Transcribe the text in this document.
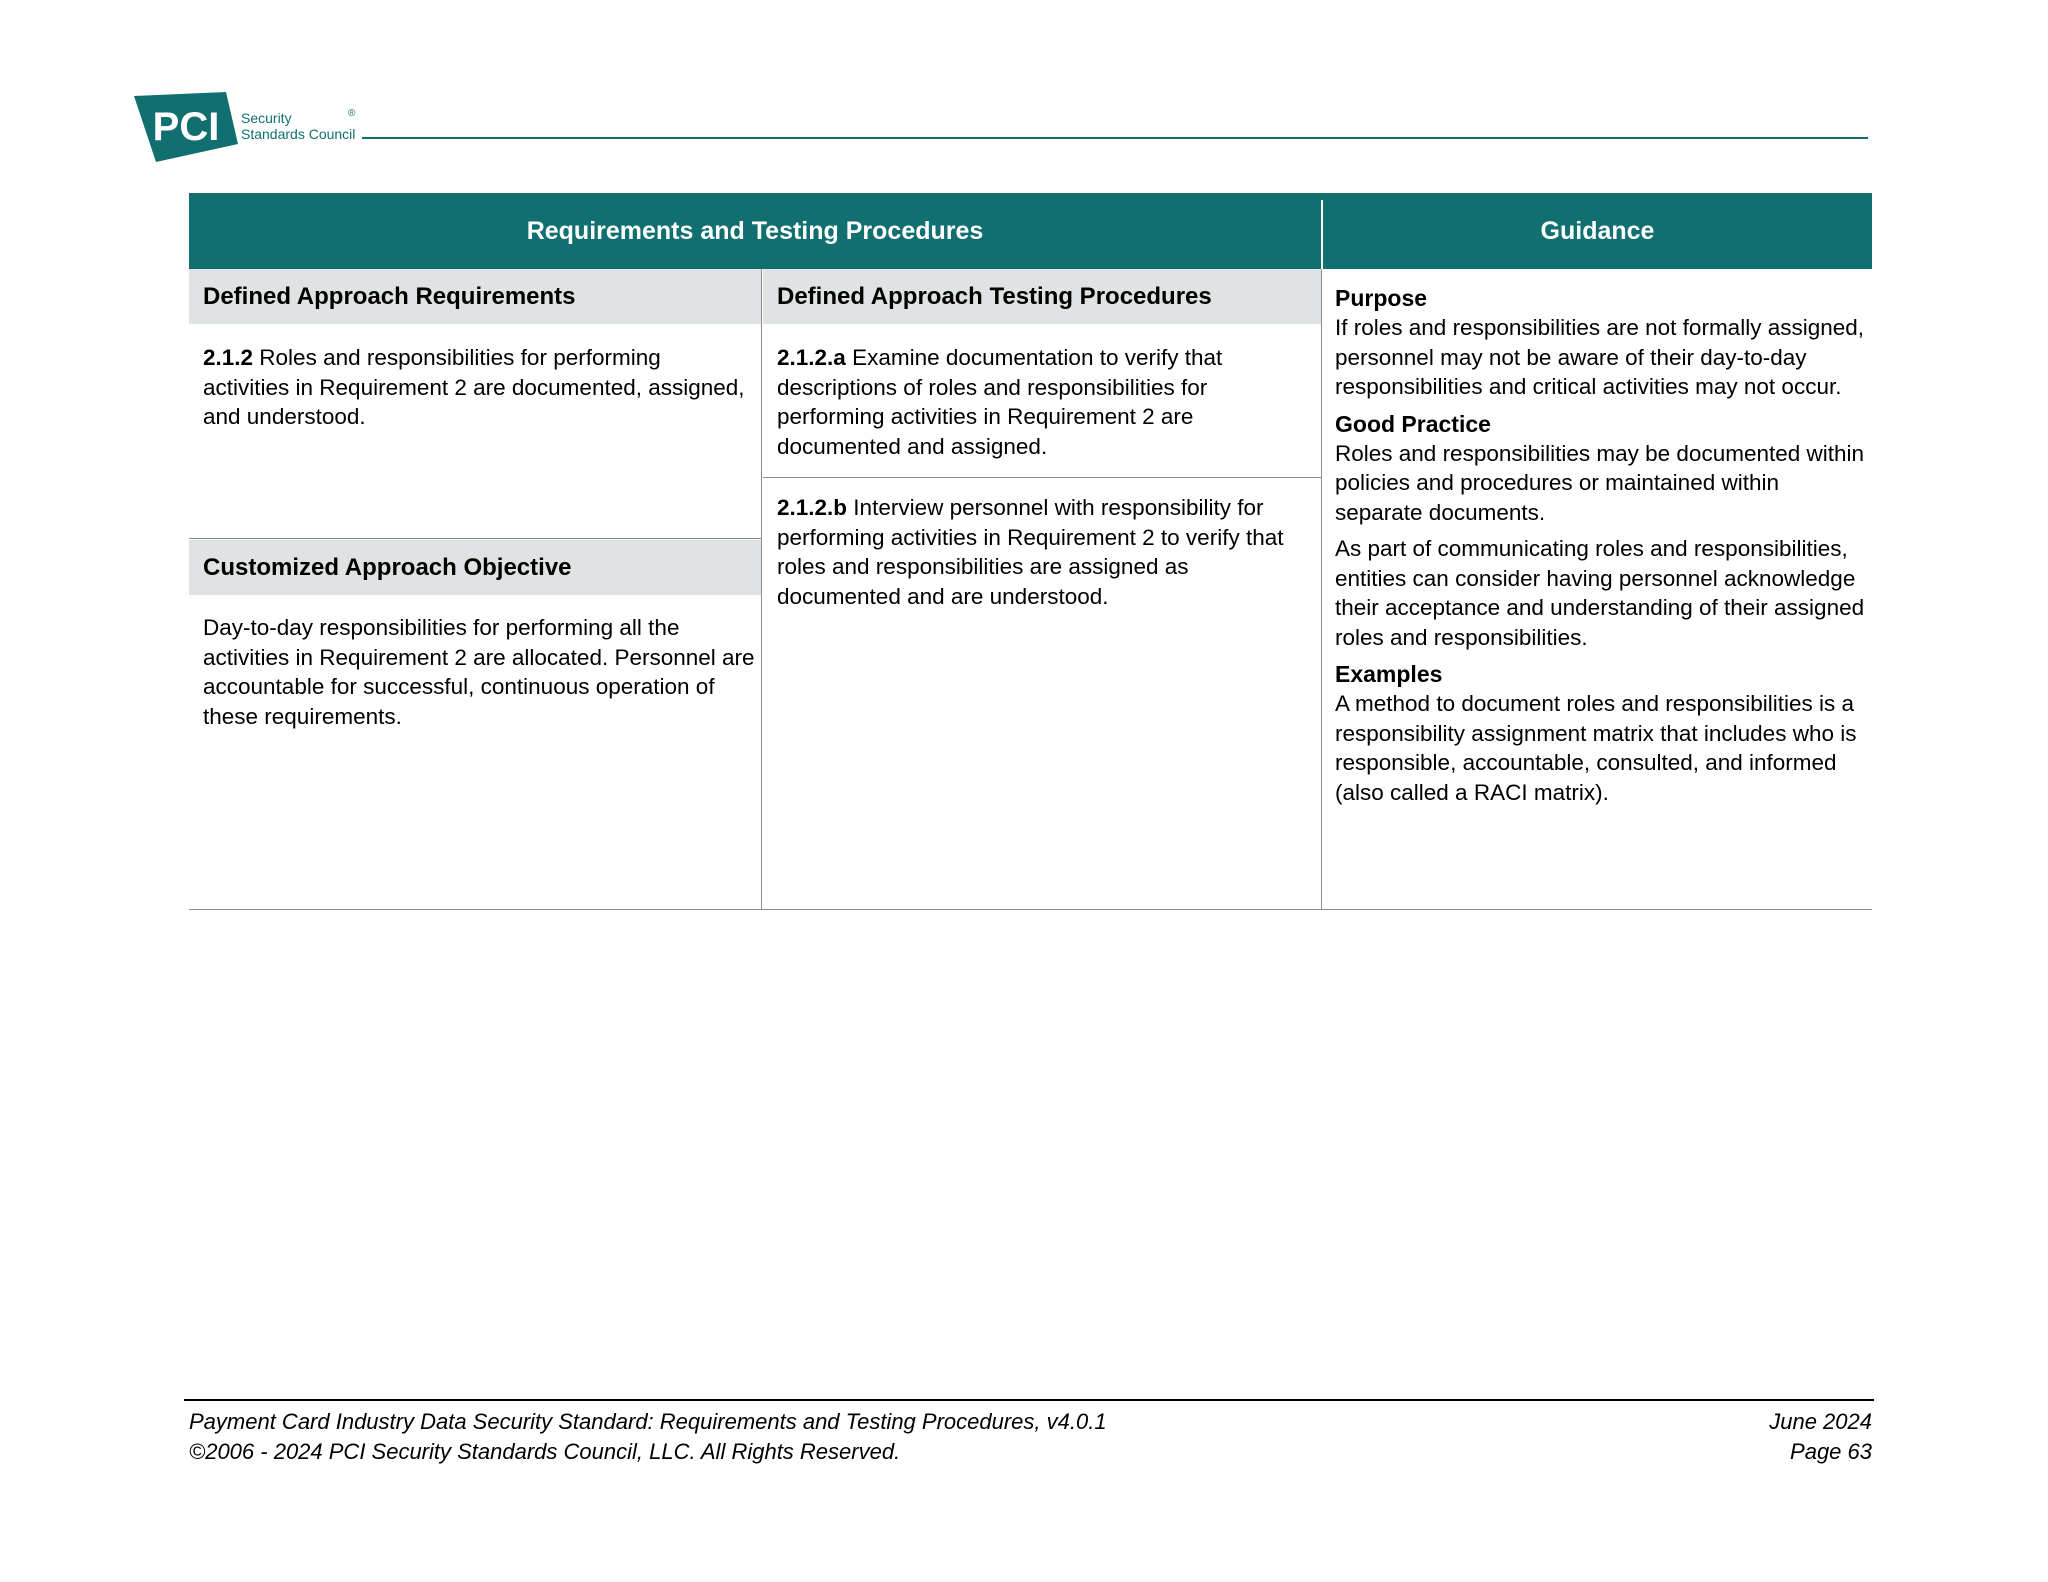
PCI Security
Standards Council
®
Requirements and Testing Procedures	Guidance
Defined Approach Requirements
2.1.2 Roles and responsibilities for performing activities in Requirement 2 are documented, assigned, and understood.
Customized Approach Objective
Day-to-day responsibilities for performing all the activities in Requirement 2 are allocated. Personnel are accountable for successful, continuous operation of these requirements.
Defined Approach Testing Procedures
2.1.2.a Examine documentation to verify that descriptions of roles and responsibilities for performing activities in Requirement 2 are documented and assigned.
2.1.2.b Interview personnel with responsibility for performing activities in Requirement 2 to verify that roles and responsibilities are assigned as documented and are understood.
Purpose

If roles and responsibilities are not formally assigned, personnel may not be aware of their day-to-day responsibilities and critical activities may not occur.

Good Practice

Roles and responsibilities may be documented within policies and procedures or maintained within separate documents.

As part of communicating roles and responsibilities, entities can consider having personnel acknowledge their acceptance and understanding of their assigned roles and responsibilities.

Examples

A method to document roles and responsibilities is a responsibility assignment matrix that includes who is responsible, accountable, consulted, and informed (also called a RACI matrix).

Payment Card Industry Data Security Standard: Requirements and Testing Procedures, v4.0.1
©2006 - 2024 PCI Security Standards Council, LLC. All Rights Reserved.
June 2024
Page 63
